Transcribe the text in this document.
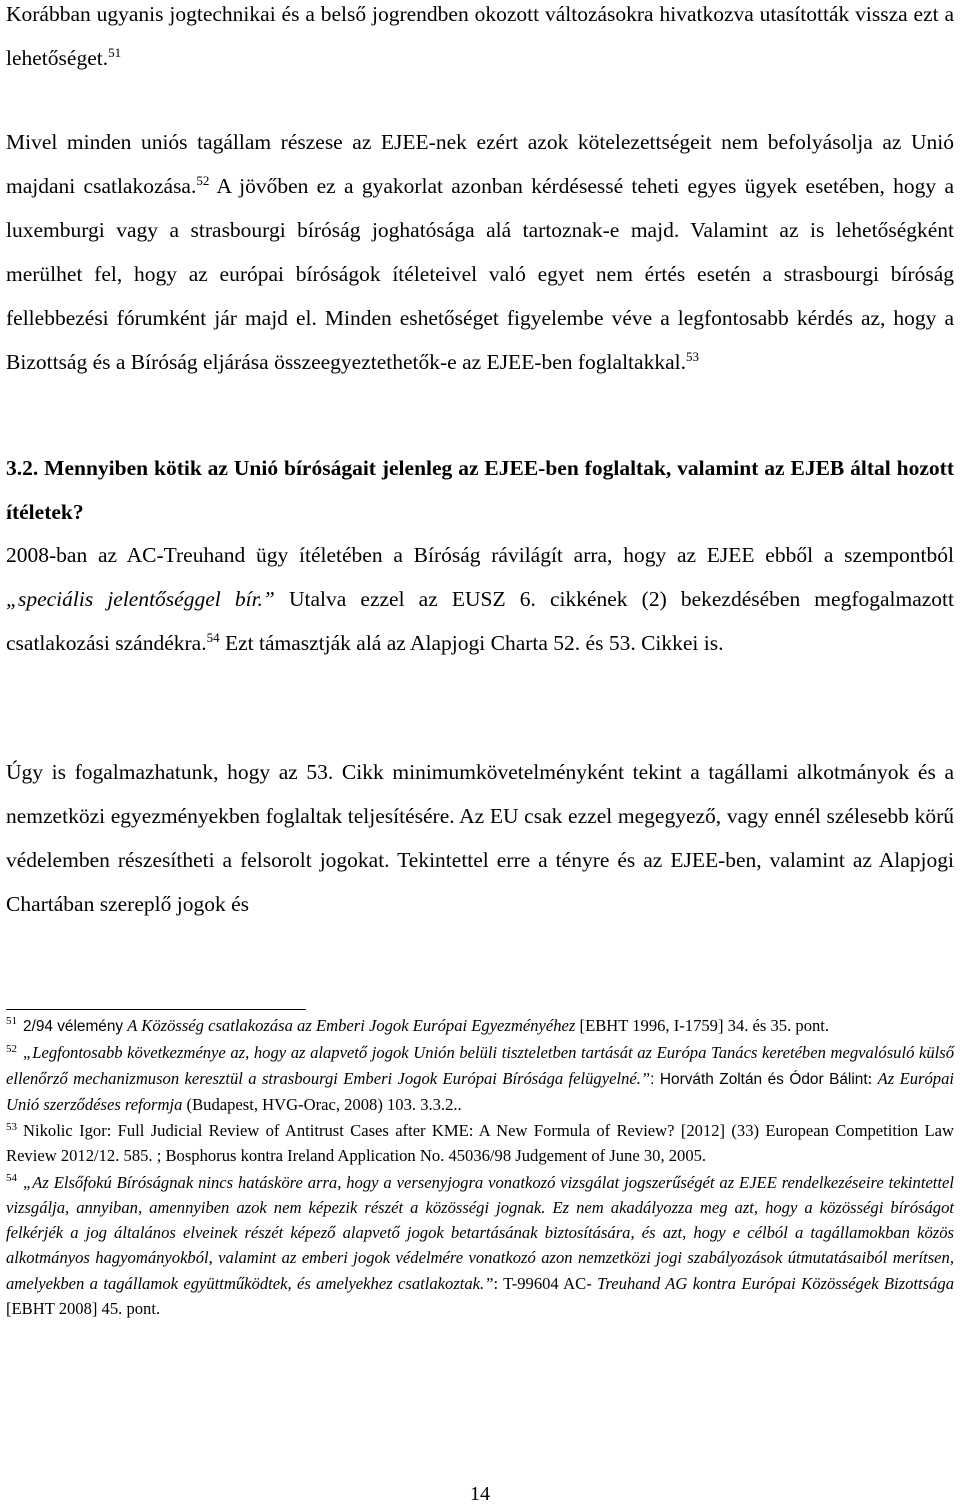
Korábban ugyanis jogtechnikai és a belső jogrendben okozott változásokra hivatkozva utasították vissza ezt a lehetőséget.$^{51}$

Mivel minden uniós tagállam részese az EJEE-nek ezért azok kötelezettségeit nem befolyásolja az Unió majdani csatlakozása.$^{52}$ A jövőben ez a gyakorlat azonban kérdésessé teheti egyes ügyek esetében, hogy a luxemburgi vagy a strasbourgi bíróság joghatósága alá tartoznak-e majd. Valamint az is lehetőségként merülhet fel, hogy az európai bíróságok ítéleteivel való egyet nem értés esetén a strasbourgi bíróság fellebbezési fórumként jár majd el. Minden eshetőséget figyelembe véve a legfontosabb kérdés az, hogy a Bizottság és a Bíróság eljárása összeegyeztethetők-e az EJEE-ben foglaltakkal.$^{53}$

3.2. Mennyiben kötik az Unió bíróságait jelenleg az EJEE-ben foglaltak, valamint az EJEB által hozott ítéletek?

2008-ban az AC-Treuhand ügy ítéletében a Bíróság rávilágít arra, hogy az EJEE ebből a szempontból „speciális jelentőséggel bír.” Utalva ezzel az EUSZ 6. cikkének (2) bekezdésében megfogalmazott csatlakozási szándékra.$^{54}$ Ezt támasztják alá az Alapjogi Charta 52. és 53. Cikkei is.

Úgy is fogalmazhatunk, hogy az 53. Cikk minimumkövetelményként tekint a tagállami alkotmányok és a nemzetközi egyezményekben foglaltak teljesítésére. Az EU csak ezzel megegyező, vagy ennél szélesebb körű védelemben részesítheti a felsorolt jogokat. Tekintettel erre a tényre és az EJEE-ben, valamint az Alapjogi Chartában szereplő jogok és

$^{51}$ 2/94 vélemény A Közösség csatlakozása az Emberi Jogok Európai Egyezményéhez [EBHT 1996, I-1759] 34. és 35. pont.

$^{52}$ „Legfontosabb következménye az, hogy az alapvető jogok Unión belüli tiszteletben tartását az Európa Tanács keretében megvalósuló külső ellenőrző mechanizmuson keresztül a strasbourgi Emberi Jogok Európai Bírósága felügyelné.”: Horváth Zoltán és Ódor Bálint: Az Európai Unió szerződéses reformja (Budapest, HVG-Orac, 2008) 103. 3.3.2..

$^{53}$ Nikolic Igor: Full Judicial Review of Antitrust Cases after KME: A New Formula of Review? [2012] (33) European Competition Law Review 2012/12. 585. ; Bosphorus kontra Ireland Application No. 45036/98 Judgement of June 30, 2005.

$^{54}$ „Az Elsőfokú Bíróságnak nincs hatásköre arra, hogy a versenyjogra vonatkozó vizsgálat jogszerűségét az EJEE rendelkezéseire tekintettel vizsgálja, annyiban, amennyiben azok nem képezik részét a közösségi jognak. Ez nem akadályozza meg azt, hogy a közösségi bíróságot felkérjék a jog általános elveinek részét képező alapvető jogok betartásának biztosítására, és azt, hogy e célból a tagállamokban közös alkotmányos hagyományokból, valamint az emberi jogok védelmére vonatkozó azon nemzetközi jogi szabályozások útmutatásaiból merítsen, amelyekben a tagállamok együttműködtek, és amelyekhez csatlakoztak.”: T-99604 AC- Treuhand AG kontra Európai Közösségek Bizottsága [EBHT 2008] 45. pont.

14
